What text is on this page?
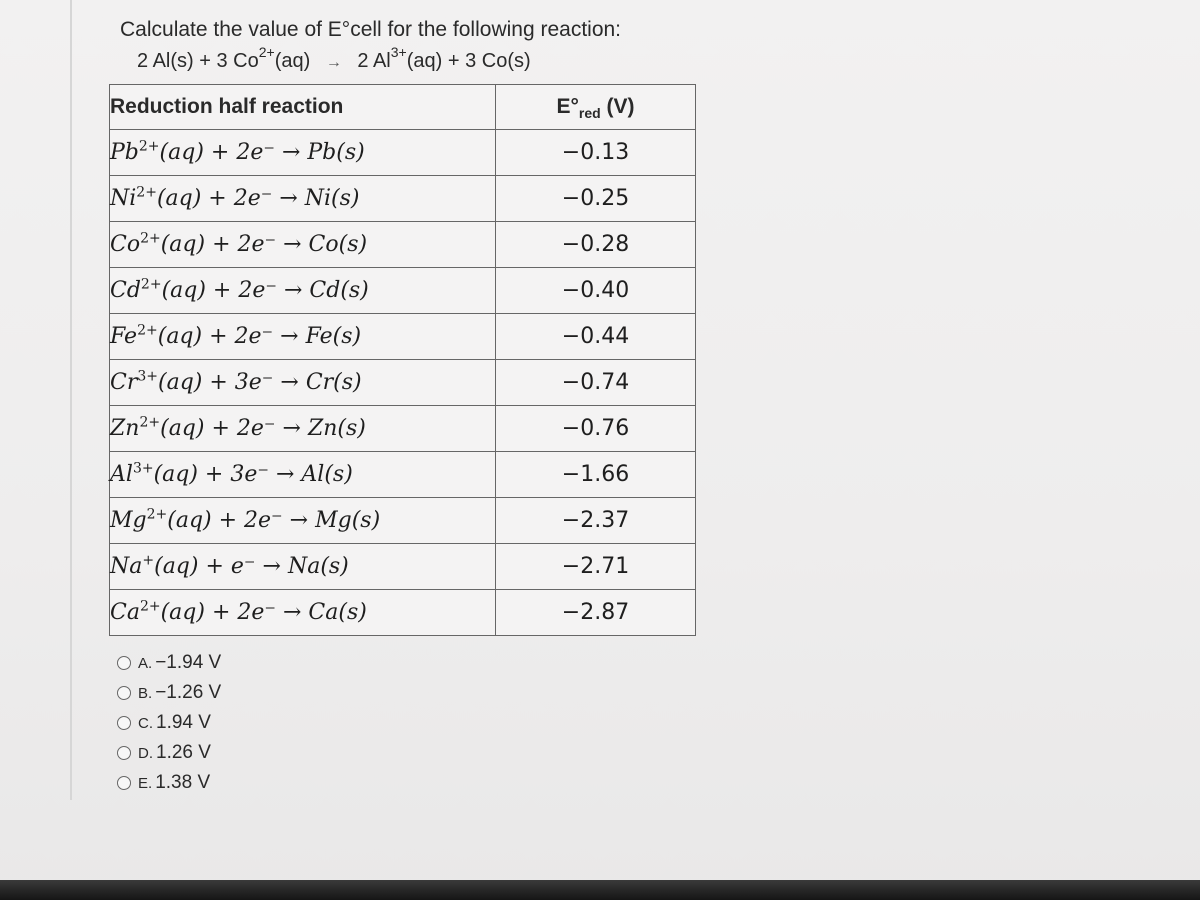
Calculate the value of E°cell for the following reaction:
2 Al(s) + 3 $Co^{2+}(aq) \to 2$ $Al^{3+}(aq) + 3$ Co(s)
Reduction half reaction	$E^\circ_{red}$ (V)
$Pb^{2+}(aq) + 2e^- \to Pb(s)$	−0.13
$Ni^{2+}(aq) + 2e^- \to Ni(s)$	−0.25
$Co^{2+}(aq) + 2e^- \to Co(s)$	−0.28
$Cd^{2+}(aq) + 2e^- \to Cd(s)$	−0.40
$Fe^{2+}(aq) + 2e^- \to Fe(s)$	−0.44
$Cr^{3+}(aq) + 3e^- \to Cr(s)$	−0.74
$Zn^{2+}(aq) + 2e^- \to Zn(s)$	−0.76
$Al^{3+}(aq) + 3e^- \to Al(s)$	−1.66
$Mg^{2+}(aq) + 2e^- \to Mg(s)$	−2.37
Na+(aq) + e⁻ → Na(s)	−2.71
$Ca^{2+}(aq) + 2e^- \to Ca(s)$	−2.87
A. −1.94 V
B. −1.26 V
C. 1.94 V
D. 1.26 V
E. 1.38 V
